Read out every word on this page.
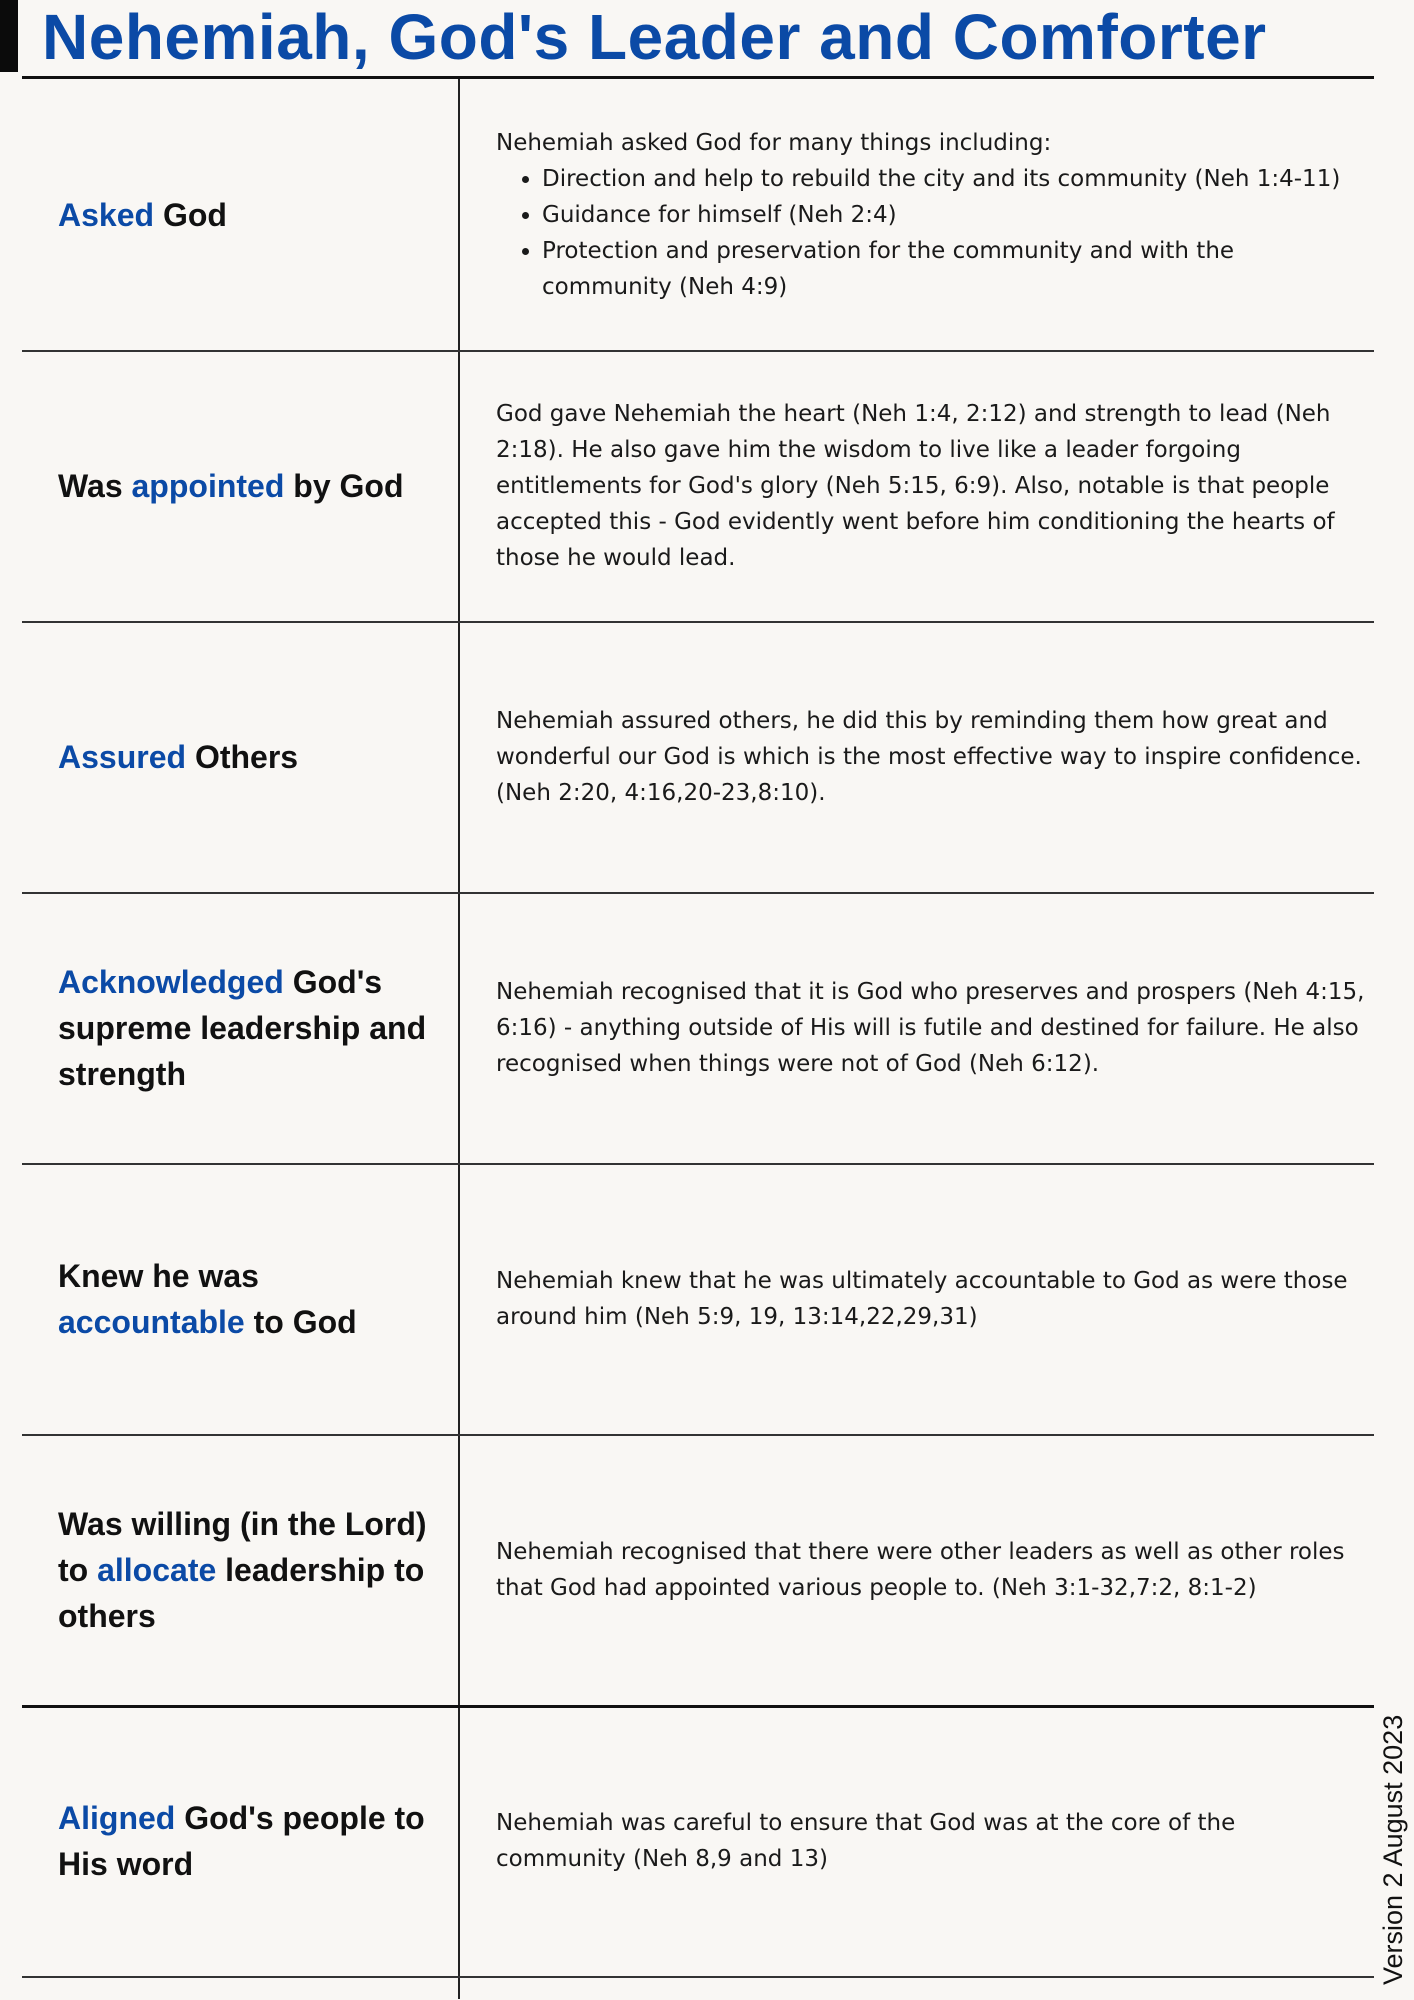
Nehemiah, God's Leader and Comforter

Asked God

Nehemiah asked God for many things including:
• Direction and help to rebuild the city and its community (Neh 1:4-11)
• Guidance for himself (Neh 2:4)
• Protection and preservation for the community and with the community (Neh 4:9)

Was appointed by God

God gave Nehemiah the heart (Neh 1:4, 2:12) and strength to lead (Neh 2:18). He also gave him the wisdom to live like a leader forgoing entitlements for God's glory (Neh 5:15, 6:9). Also, notable is that people accepted this - God evidently went before him conditioning the hearts of those he would lead.

Assured Others

Nehemiah assured others, he did this by reminding them how great and wonderful our God is which is the most effective way to inspire confidence. (Neh 2:20, 4:16,20-23,8:10).

Acknowledged God's supreme leadership and strength

Nehemiah recognised that it is God who preserves and prospers (Neh 4:15, 6:16) - anything outside of His will is futile and destined for failure. He also recognised when things were not of God (Neh 6:12).

Knew he was accountable to God

Nehemiah knew that he was ultimately accountable to God as were those around him (Neh 5:9, 19, 13:14,22,29,31)

Was willing (in the Lord) to allocate leadership to others

Nehemiah recognised that there were other leaders as well as other roles that God had appointed various people to. (Neh 3:1-32,7:2, 8:1-2)

Aligned God's people to His word

Nehemiah was careful to ensure that God was at the core of the community (Neh 8,9 and 13)	Version 2 August 2023
